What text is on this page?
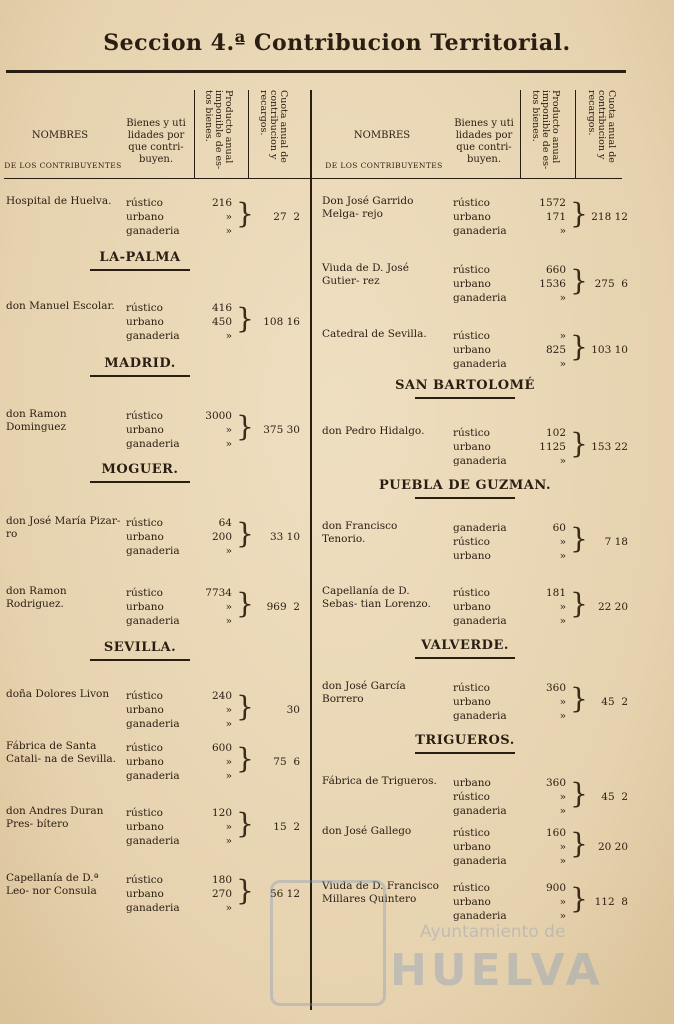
Seccion 4.ª Contribucion Territorial.
NOMBRES
DE LOS CONTRIBUYENTES
Bienes y uti lidades por que contri- buyen.	Producto anual imponible de es- tos bienes.	Cuota anual de contribucion y recargos.
NOMBRES
DE LOS CONTRIBUYENTES
Bienes y uti lidades por que contri- buyen.	Producto anual imponible de es- tos bienes.	Cuota anual de contribucion y recargos.
Hospital de Huelva.	rústico	216
urbano	»
ganaderia	»
}	27  2
LA-PALMA
don Manuel Escolar.	rústico	416
urbano	450
ganaderia	»
} 108 16
MADRID.
don Ramon Dominguez
rústico	3000
urbano	»
ganaderia	»
} 375 30
MOGUER.
don José María Pizar- ro
rústico	64
urbano	200
ganaderia	»
}	33 10
don Ramon Rodriguez.
rústico	7734
urbano	»
ganaderia	»
}	969  2
SEVILLA.
doña Dolores Livon	rústico	240
urbano	»
ganaderia	»
}	30
Fábrica de Santa Catali- na de Sevilla.
rústico	600
urbano	»
ganaderia	»
}	75  6
don Andres Duran Pres- bítero
rústico	120
urbano	»
ganaderia	»
}	15  2
Capellanía de D.ª Leo- nor Consula
rústico	180
urbano	270
ganaderia	»
}	56 12
Don José Garrido Melga- rejo
rústico	1572
urbano	171
ganaderia	»
} 218 12
Viuda de D. José Gutier- rez
rústico	660
urbano	1536
ganaderia	»
} 275  6
Catedral de Sevilla.	rústico	»
urbano	825
ganaderia	»
} 103 10
SAN BARTOLOMÉ
don Pedro Hidalgo.	rústico	102
urbano	1125
ganaderia	»
} 153 22
PUEBLA DE GUZMAN.
don Francisco Tenorio.
ganaderia	60
rústico	»
urbano	»
}	7 18
Capellanía de D. Sebas- tian Lorenzo.
rústico	181
urbano	»
ganaderia	»
} 22 20
VALVERDE.
don José García Borrero
rústico	360
urbano	»
ganaderia	»
}	45  2
TRIGUEROS.
Fábrica de Trigueros.	urbano	360
rústico	»
ganaderia	»
}	45  2
don José Gallego	rústico	160
urbano	»
ganaderia	»
} 20 20
Viuda de D. Francisco Millares Quintero
rústico	900
urbano	»
ganaderia	»
} 112  8
Ayuntamiento de
HUELVA
